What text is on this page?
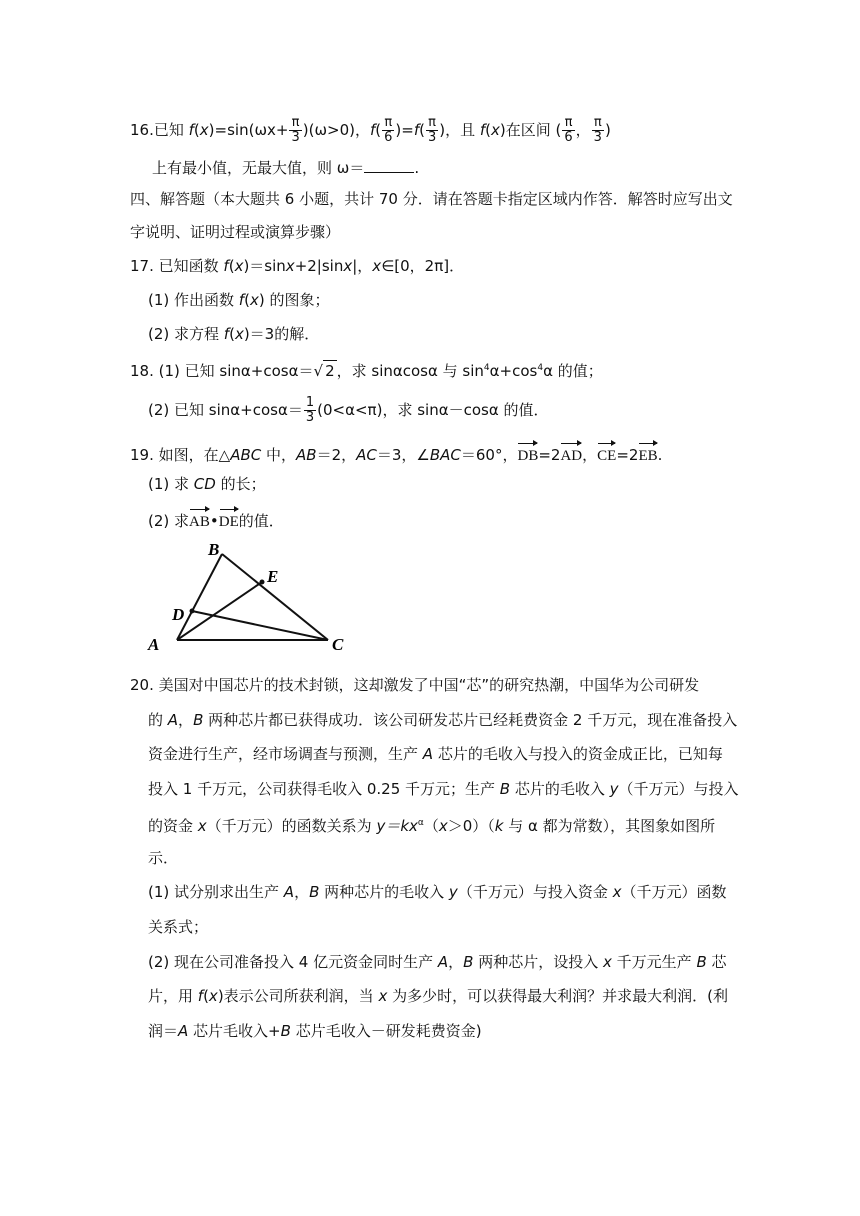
16.已知 $f(x)=\sin(\omega x+ \frac{\pi}{3} )(\omega>0)$，$f( \frac{\pi}{6} )=f( \frac{\pi}{3}$ )，且 f(x)在区间 ( $\frac{\pi}{6}$ ， $\frac{\pi}{3}$ )
上有最小值，无最大值，则 ω＝	.
四、解答题（本大题共 6 小题，共计 70 分．请在答题卡指定区域内作答．解答时应写出文
字说明、证明过程或演算步骤）
17. 已知函数 f(x)＝sinx+2|sinx|，x∈[0，2π]．
(1) 作出函数 f(x) 的图象；
(2) 求方程 f(x)＝3的解．
18. (1) 已知 sinα+cosα＝√ 2 ，求 sinαcosα 与 $\sin^4\alpha+\cos^4\alpha$ 的值；
(2) 已知 $\sin\alpha+\cos\alpha= \frac{1}{3} (0<\alpha<\pi)$，求 sinα－cosα 的值．
19. 如图，在△ABC 中，AB＝2，AC＝3，∠BAC＝60°，DB=2AD，CE=2EB.
(1) 求 CD 的长；
(2) 求AB•DE的值．
B
E
D
A	C
20. 美国对中国芯片的技术封锁，这却激发了中国“芯”的研究热潮，中国华为公司研发
的 A，B 两种芯片都已获得成功．该公司研发芯片已经耗费资金 2 千万元，现在准备投入
资金进行生产，经市场调查与预测，生产 A 芯片的毛收入与投入的资金成正比，已知每
投入 1 千万元，公司获得毛收入 0.25 千万元；生产 B 芯片的毛收入 y（千万元）与投入
的资金 x（千万元）的函数关系为 $y=kx^\alpha(x>0)(k$ 与 α 都为常数），其图象如图所
示．
(1) 试分别求出生产 A，B 两种芯片的毛收入 y（千万元）与投入资金 x（千万元）函数
关系式；
(2) 现在公司准备投入 4 亿元资金同时生产 A，B 两种芯片，设投入 x 千万元生产 B 芯
片，用 f(x)表示公司所获利润，当 x 为多少时，可以获得最大利润？并求最大利润．(利
润＝A 芯片毛收入+B 芯片毛收入－研发耗费资金)
